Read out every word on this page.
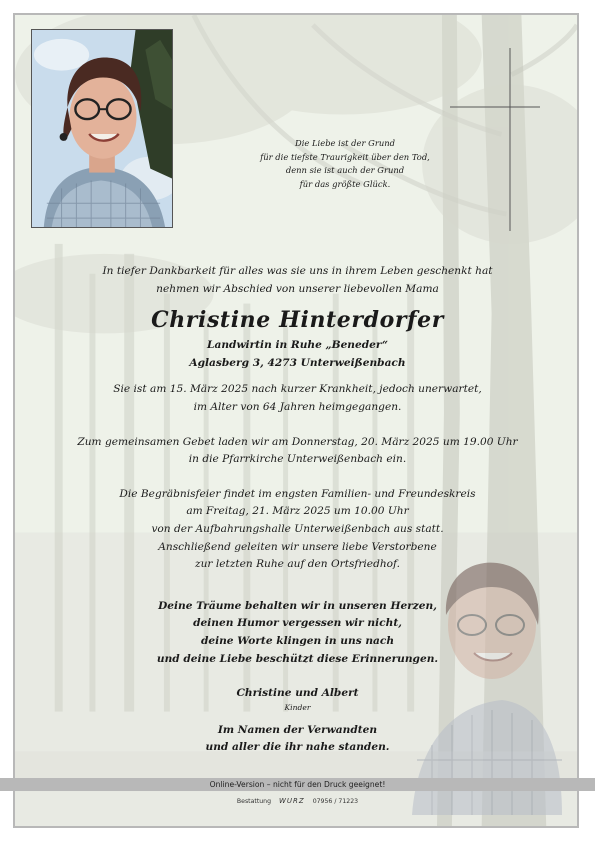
Die Liebe ist der Grund
für die tiefste Traurigkeit über den Tod,
denn sie ist auch der Grund
für das größte Glück.

In tiefer Dankbarkeit für alles was sie uns in ihrem Leben geschenkt hat

nehmen wir Abschied von unserer liebevollen Mama

Christine Hinterdorfer

Landwirtin in Ruhe „Beneder“

Aglasberg 3, 4273 Unterweißenbach

Sie ist am 15. März 2025 nach kurzer Krankheit, jedoch unerwartet,

im Alter von 64 Jahren heimgegangen.

Zum gemeinsamen Gebet laden wir am Donnerstag, 20. März 2025 um 19.00 Uhr

in die Pfarrkirche Unterweißenbach ein.

Die Begräbnisfeier findet im engsten Familien- und Freundeskreis

am Freitag, 21. März 2025 um 10.00 Uhr

von der Aufbahrungshalle Unterweißenbach aus statt.

Anschließend geleiten wir unsere liebe Verstorbene

zur letzten Ruhe auf den Ortsfriedhof.

Deine Träume behalten wir in unseren Herzen,

deinen Humor vergessen wir nicht,

deine Worte klingen in uns nach

und deine Liebe beschützt diese Erinnerungen.

Christine und Albert

Kinder

Im Namen der Verwandten

und aller die ihr nahe standen.

Online-Version – nicht für den Druck geeignet!
Bestattung WURZ 07956 / 71223
